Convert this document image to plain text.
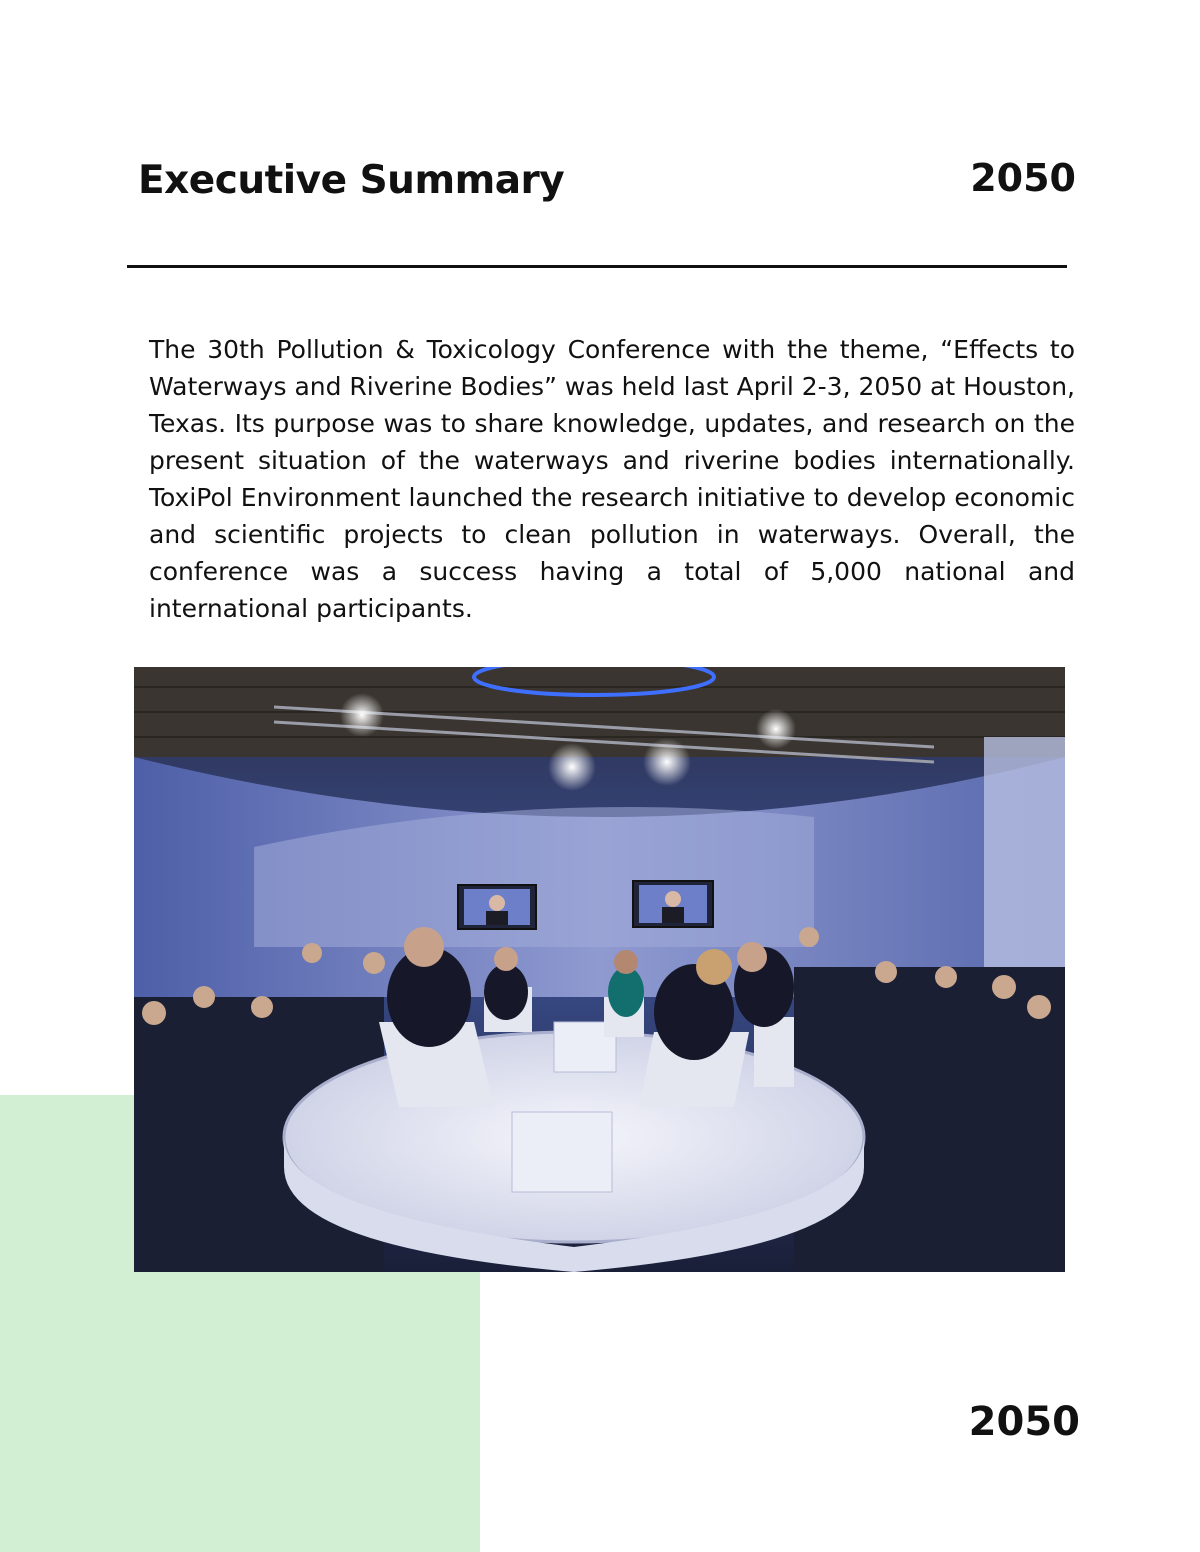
Executive Summary	2050

The 30th Pollution & Toxicology Conference with the theme, “Effects to Waterways and Riverine Bodies” was held last April 2-3, 2050 at Houston, Texas. Its purpose was to share knowledge, updates, and research on the present situation of the waterways and riverine bodies internationally. ToxiPol Environment launched the research initiative to develop economic and scientific projects to clean pollution in waterways. Overall, the conference was a success having a total of 5,000 national and international participants.

2050
